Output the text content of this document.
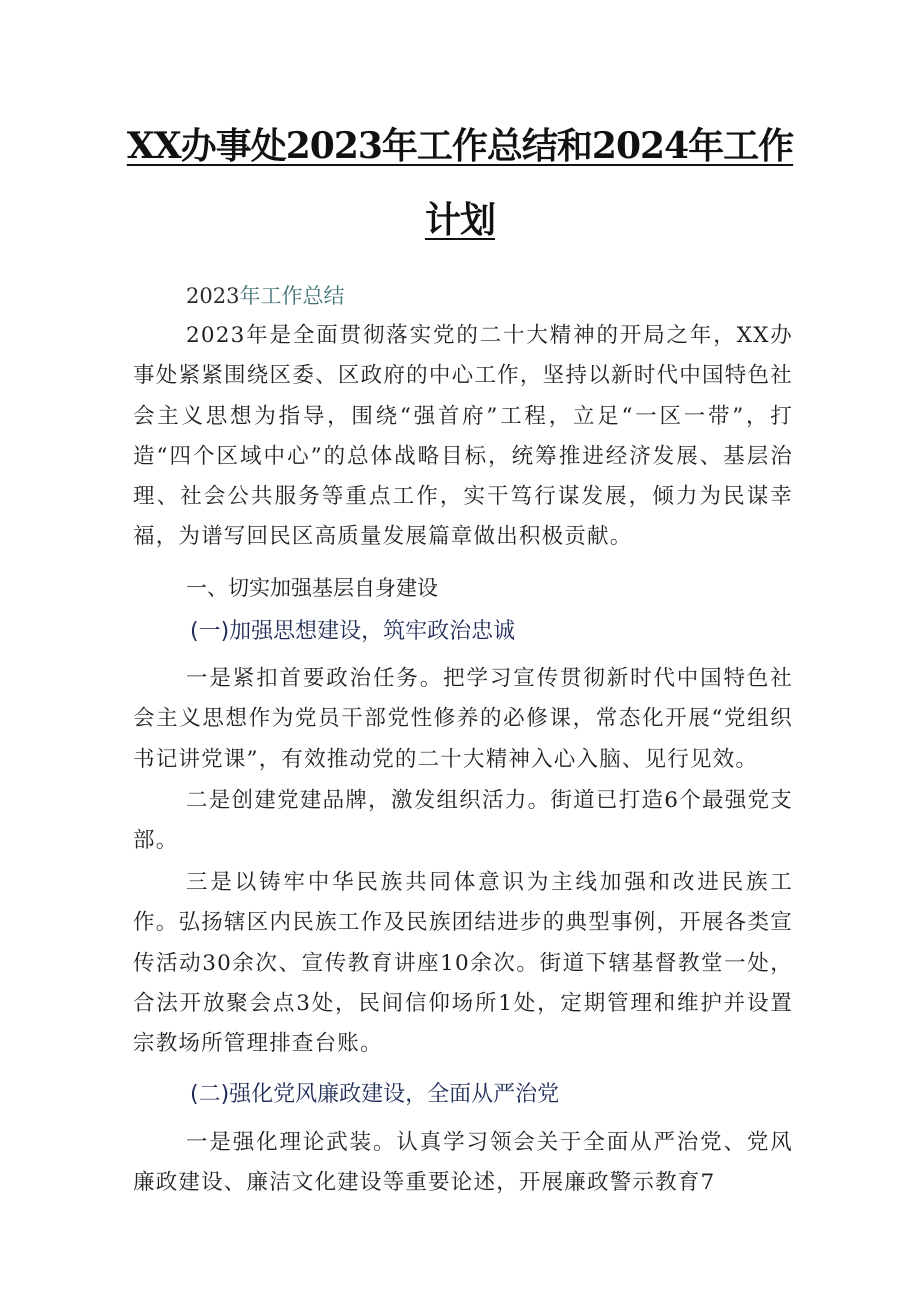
XX办事处2023年工作总结和2024年工作
计划
2023年工作总结

2023年是全面贯彻落实党的二十大精神的开局之年，XX办事处紧紧围绕区委、区政府的中心工作，坚持以新时代中国特色社会主义思想为指导，围绕“强首府”工程，立足“一区一带”，打造“四个区域中心”的总体战略目标，统筹推进经济发展、基层治理、社会公共服务等重点工作，实干笃行谋发展，倾力为民谋幸福，为谱写回民区高质量发展篇章做出积极贡献。

一、切实加强基层自身建设
(一)加强思想建设，筑牢政治忠诚

一是紧扣首要政治任务。把学习宣传贯彻新时代中国特色社会主义思想作为党员干部党性修养的必修课，常态化开展“党组织书记讲党课”，有效推动党的二十大精神入心入脑、见行见效。

二是创建党建品牌，激发组织活力。街道已打造6个最强党支部。

三是以铸牢中华民族共同体意识为主线加强和改进民族工作。弘扬辖区内民族工作及民族团结进步的典型事例，开展各类宣传活动30余次、宣传教育讲座10余次。街道下辖基督教堂一处，合法开放聚会点3处，民间信仰场所1处，定期管理和维护并设置宗教场所管理排查台账。

(二)强化党风廉政建设，全面从严治党

一是强化理论武装。认真学习领会关于全面从严治党、党风廉政建设、廉洁文化建设等重要论述，开展廉政警示教育7
